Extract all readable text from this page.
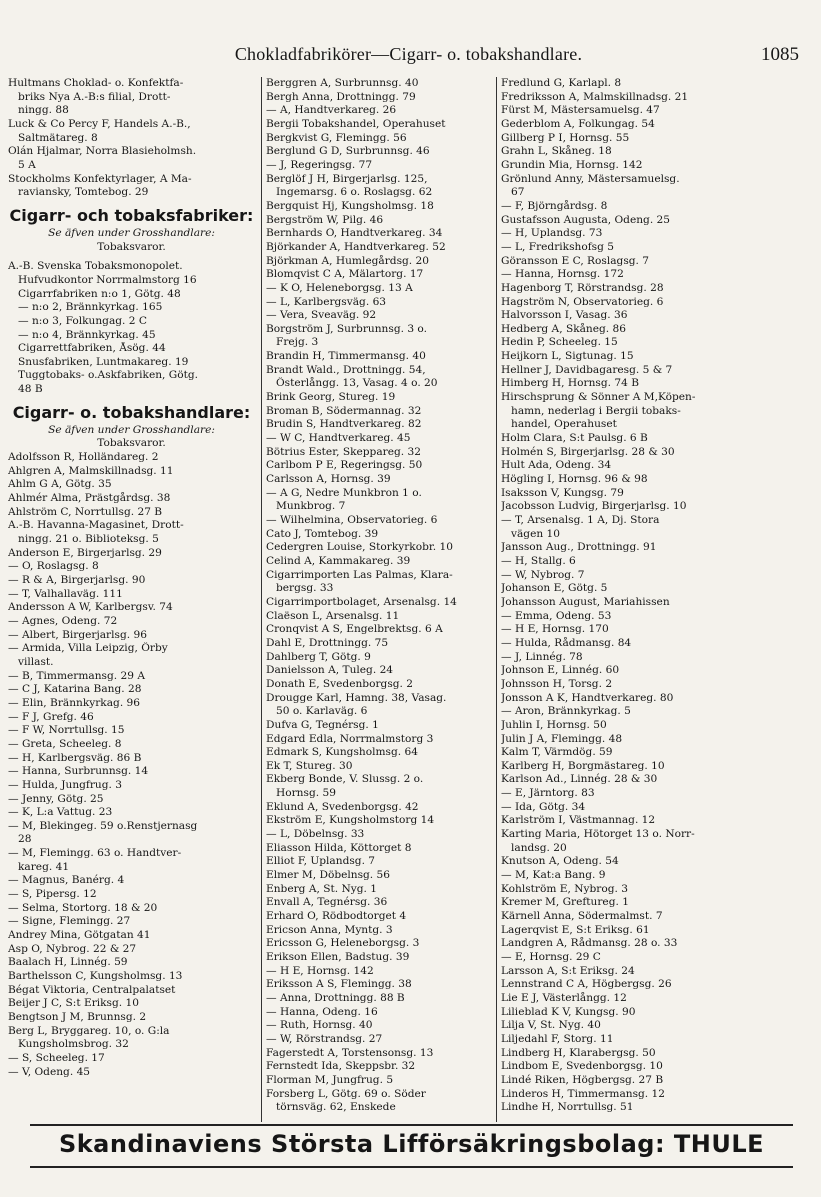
Chokladfabrikörer—Cigarr- o. tobakshandlare.	1085
Hultmans Choklad- o. Konfektfa-
briks Nya A.-B:s filial, Drott-
ningg. 88
Luck & Co Percy F, Handels A.-B.,
Saltmätareg. 8
Olán Hjalmar, Norra Blasieholmsh.
5 A
Stockholms Konfektyrlager, A Ma-
raviansky, Tomtebog. 29
Cigarr- och tobaksfabriker:
Se äfven under Grosshandlare:
Tobaksvaror.
A.-B. Svenska Tobaksmonopolet.
Hufvudkontor Norrmalmstorg 16
Cigarrfabriken n:o 1, Götg. 48
— n:o 2, Brännkyrkag. 165
— n:o 3, Folkungag. 2 C
— n:o 4, Brännkyrkag. 45
Cigarrettfabriken, Åsög. 44
Snusfabriken, Luntmakareg. 19
Tuggtobaks- o.Askfabriken, Götg.
48 B
Cigarr- o. tobakshandlare:
Se äfven under Grosshandlare:
Tobaksvaror.
Adolfsson R, Holländareg. 2
Ahlgren A, Malmskillnadsg. 11
Ahlm G A, Götg. 35
Ahlmér Alma, Prästgårdsg. 38
Ahlström C, Norrtullsg. 27 B
A.-B. Havanna-Magasinet, Drott-
ningg. 21 o. Biblioteksg. 5
Anderson E, Birgerjarlsg. 29
— O, Roslagsg. 8
— R & A, Birgerjarlsg. 90
— T, Valhallaväg. 111
Andersson A W, Karlbergsv. 74
— Agnes, Odeng. 72
— Albert, Birgerjarlsg. 96
— Armida, Villa Leipzig, Örby
villast.
— B, Timmermansg. 29 A
— C J, Katarina Bang. 28
— Elin, Brännkyrkag. 96
— F J, Grefg. 46
— F W, Norrtullsg. 15
— Greta, Scheeleg. 8
— H, Karlbergsväg. 86 B
— Hanna, Surbrunnsg. 14
— Hulda, Jungfrug. 3
— Jenny, Götg. 25
— K, L:a Vattug. 23
— M, Blekingeg. 59 o.Renstjernasg
28
— M, Flemingg. 63 o. Handtver-
kareg. 41
— Magnus, Banérg. 4
— S, Pipersg. 12
— Selma, Stortorg. 18 & 20
— Signe, Flemingg. 27
Andrey Mina, Götgatan 41
Asp O, Nybrog. 22 & 27
Baalach H, Linnég. 59
Barthelsson C, Kungsholmsg. 13
Bégat Viktoria, Centralpalatset
Beijer J C, S:t Eriksg. 10
Bengtson J M, Brunnsg. 2
Berg L, Bryggareg. 10, o. G:la
Kungsholmsbrog. 32
— S, Scheeleg. 17
— V, Odeng. 45
Berggren A, Surbrunnsg. 40
Bergh Anna, Drottningg. 79
— A, Handtverkareg. 26
Bergii Tobakshandel, Operahuset
Bergkvist G, Flemingg. 56
Berglund G D, Surbrunnsg. 46
— J, Regeringsg. 77
Berglöf J H, Birgerjarlsg. 125,
Ingemarsg. 6 o. Roslagsg. 62
Bergquist Hj, Kungsholmsg. 18
Bergström W, Pilg. 46
Bernhards O, Handtverkareg. 34
Björkander A, Handtverkareg. 52
Björkman A, Humlegårdsg. 20
Blomqvist C A, Mälartorg. 17
— K O, Heleneborgsg. 13 A
— L, Karlbergsväg. 63
— Vera, Sveaväg. 92
Borgström J, Surbrunnsg. 3 o.
Frejg. 3
Brandin H, Timmermansg. 40
Brandt Wald., Drottningg. 54,
Österlångg. 13, Vasag. 4 o. 20
Brink Georg, Stureg. 19
Broman B, Södermannag. 32
Brudin S, Handtverkareg. 82
— W C, Handtverkareg. 45
Bötrius Ester, Skeppareg. 32
Carlbom P E, Regeringsg. 50
Carlsson A, Hornsg. 39
— A G, Nedre Munkbron 1 o.
Munkbrog. 7
— Wilhelmina, Observatorieg. 6
Cato J, Tomtebog. 39
Cedergren Louise, Storkyrkobr. 10
Celind A, Kammakareg. 39
Cigarrimporten Las Palmas, Klara-
bergsg. 33
Cigarrimportbolaget, Arsenalsg. 14
Claëson L, Arsenalsg. 11
Cronqvist A S, Engelbrektsg. 6 A
Dahl E, Drottningg. 75
Dahlberg T, Götg. 9
Danielsson A, Tuleg. 24
Donath E, Svedenborgsg. 2
Drougge Karl, Hamng. 38, Vasag.
50 o. Karlaväg. 6
Dufva G, Tegnérsg. 1
Edgard Edla, Norrmalmstorg 3
Edmark S, Kungsholmsg. 64
Ek T, Stureg. 30
Ekberg Bonde, V. Slussg. 2 o.
Hornsg. 59
Eklund A, Svedenborgsg. 42
Ekström E, Kungsholmstorg 14
— L, Döbelnsg. 33
Eliasson Hilda, Köttorget 8
Elliot F, Uplandsg. 7
Elmer M, Döbelnsg. 56
Enberg A, St. Nyg. 1
Envall A, Tegnérsg. 36
Erhard O, Rödbodtorget 4
Ericson Anna, Myntg. 3
Ericsson G, Heleneborgsg. 3
Erikson Ellen, Badstug. 39
— H E, Hornsg. 142
Eriksson A S, Flemingg. 38
— Anna, Drottningg. 88 B
— Hanna, Odeng. 16
— Ruth, Hornsg. 40
— W, Rörstrandsg. 27
Fagerstedt A, Torstensonsg. 13
Fernstedt Ida, Skeppsbr. 32
Florman M, Jungfrug. 5
Forsberg L, Götg. 69 o. Söder
törnsväg. 62, Enskede
Fredlund G, Karlapl. 8
Fredriksson A, Malmskillnadsg. 21
Fürst M, Mästersamuelsg. 47
Gederblom A, Folkungag. 54
Gillberg P I, Hornsg. 55
Grahn L, Skåneg. 18
Grundin Mia, Hornsg. 142
Grönlund Anny, Mästersamuelsg.
67
— F, Björngårdsg. 8
Gustafsson Augusta, Odeng. 25
— H, Uplandsg. 73
— L, Fredrikshofsg 5
Göransson E C, Roslagsg. 7
— Hanna, Hornsg. 172
Hagenborg T, Rörstrandsg. 28
Hagström N, Observatorieg. 6
Halvorsson I, Vasag. 36
Hedberg A, Skåneg. 86
Hedin P, Scheeleg. 15
Heijkorn L, Sigtunag. 15
Hellner J, Davidbagaresg. 5 & 7
Himberg H, Hornsg. 74 B
Hirschsprung & Sönner A M,Köpen-
hamn, nederlag i Bergii tobaks-
handel, Operahuset
Holm Clara, S:t Paulsg. 6 B
Holmén S, Birgerjarlsg. 28 & 30
Hult Ada, Odeng. 34
Högling I, Hornsg. 96 & 98
Isaksson V, Kungsg. 79
Jacobsson Ludvig, Birgerjarlsg. 10
— T, Arsenalsg. 1 A, Dj. Stora
vägen 10
Jansson Aug., Drottningg. 91
— H, Stallg. 6
— W, Nybrog. 7
Johanson E, Götg. 5
Johansson August, Mariahissen
— Emma, Odeng. 53
— H E, Hornsg. 170
— Hulda, Rådmansg. 84
— J, Linnég. 78
Johnson E, Linnég. 60
Johnsson H, Torsg. 2
Jonsson A K, Handtverkareg. 80
— Aron, Brännkyrkag. 5
Juhlin I, Hornsg. 50
Julin J A, Flemingg. 48
Kalm T, Värmdög. 59
Karlberg H, Borgmästareg. 10
Karlson Ad., Linnég. 28 & 30
— E, Järntorg. 83
— Ida, Götg. 34
Karlström I, Västmannag. 12
Karting Maria, Hötorget 13 o. Norr-
landsg. 20
Knutson A, Odeng. 54
— M, Kat:a Bang. 9
Kohlström E, Nybrog. 3
Kremer M, Greftureg. 1
Kärnell Anna, Södermalmst. 7
Lagerqvist E, S:t Eriksg. 61
Landgren A, Rådmansg. 28 o. 33
— E, Hornsg. 29 C
Larsson A, S:t Eriksg. 24
Lennstrand C A, Högbergsg. 26
Lie E J, Västerlångg. 12
Lilieblad K V, Kungsg. 90
Lilja V, St. Nyg. 40
Liljedahl F, Storg. 11
Lindberg H, Klarabergsg. 50
Lindbom E, Svedenborgsg. 10
Lindé Riken, Högbergsg. 27 B
Linderos H, Timmermansg. 12
Lindhe H, Norrtullsg. 51
Skandinaviens Största Lifförsäkringsbolag: THULE
